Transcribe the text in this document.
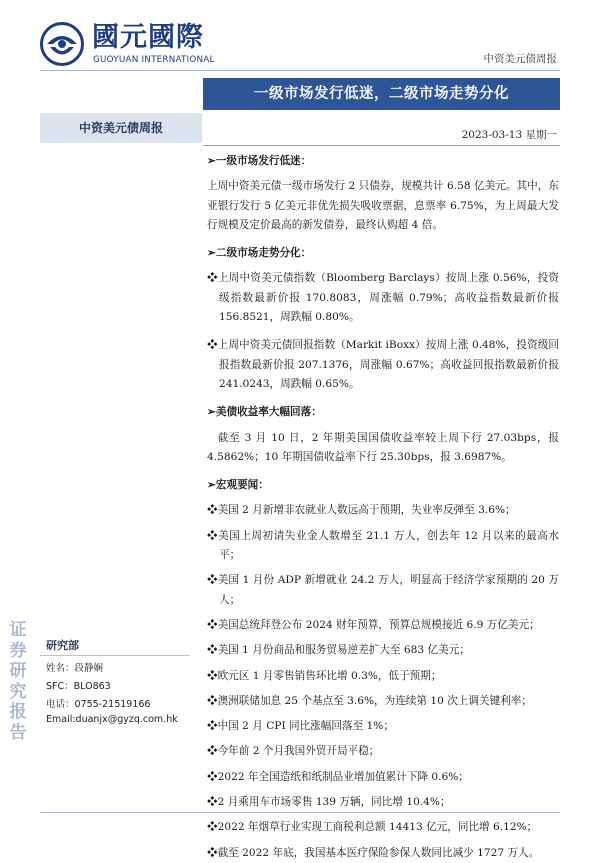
國元國際
GUOYUAN INTERNATIONAL	中资美元债周报
一级市场发行低迷，二级市场走势分化
中资美元债周报	2023-03-13 星期一

➢一级市场发行低迷：

上周中资美元债一级市场发行 2 只债券，规模共计 6.58 亿美元。其中，东亚银行发行 5 亿美元非优先损失吸收票据，息票率 6.75%，为上周最大发行规模及定价最高的新发债券，最终认购超 4 倍。

➢二级市场走势分化：

❖上周中资美元债指数（Bloomberg Barclays）按周上涨 0.56%，投资级指数最新价报 170.8083，周涨幅 0.79%；高收益指数最新价报 156.8521，周跌幅 0.80%。

❖上周中资美元债回报指数（Markit iBoxx）按周上涨 0.48%，投资级回报指数最新价报 207.1376，周涨幅 0.67%；高收益回报指数最新价报 241.0243，周跌幅 0.65%。

➢美债收益率大幅回落：

截至 3 月 10 日，2 年期美国国债收益率较上周下行 27.03bps，报 4.5862%；10 年期国债收益率下行 25.30bps，报 3.6987%。

➢宏观要闻：

❖美国 2 月新增非农就业人数远高于预期，失业率反弹至 3.6%；

❖美国上周初请失业金人数增至 21.1 万人，创去年 12 月以来的最高水平；

❖美国 1 月份 ADP 新增就业 24.2 万人，明显高于经济学家预期的 20 万人；

❖美国总统拜登公布 2024 财年预算，预算总规模接近 6.9 万亿美元；

❖美国 1 月份商品和服务贸易逆差扩大至 683 亿美元；

❖欧元区 1 月零售销售环比增 0.3%，低于预期；

❖澳洲联储加息 25 个基点至 3.6%，为连续第 10 次上调关键利率；

❖中国 2 月 CPI 同比涨幅回落至 1%；

❖今年前 2 个月我国外贸开局平稳；

❖2022 年全国造纸和纸制品业增加值累计下降 0.6%；

❖2 月乘用车市场零售 139 万辆，同比增 10.4%；

❖2022 年烟草行业实现工商税利总额 14413 亿元，同比增 6.12%；

❖截至 2022 年底，我国基本医疗保险参保人数同比减少 1727 万人。

证
券
研
究
报
告
研究部
姓名：段静娴
SFC：BLO863
电话：0755-21519166
Email:duanjx@gyzq.com.hk
